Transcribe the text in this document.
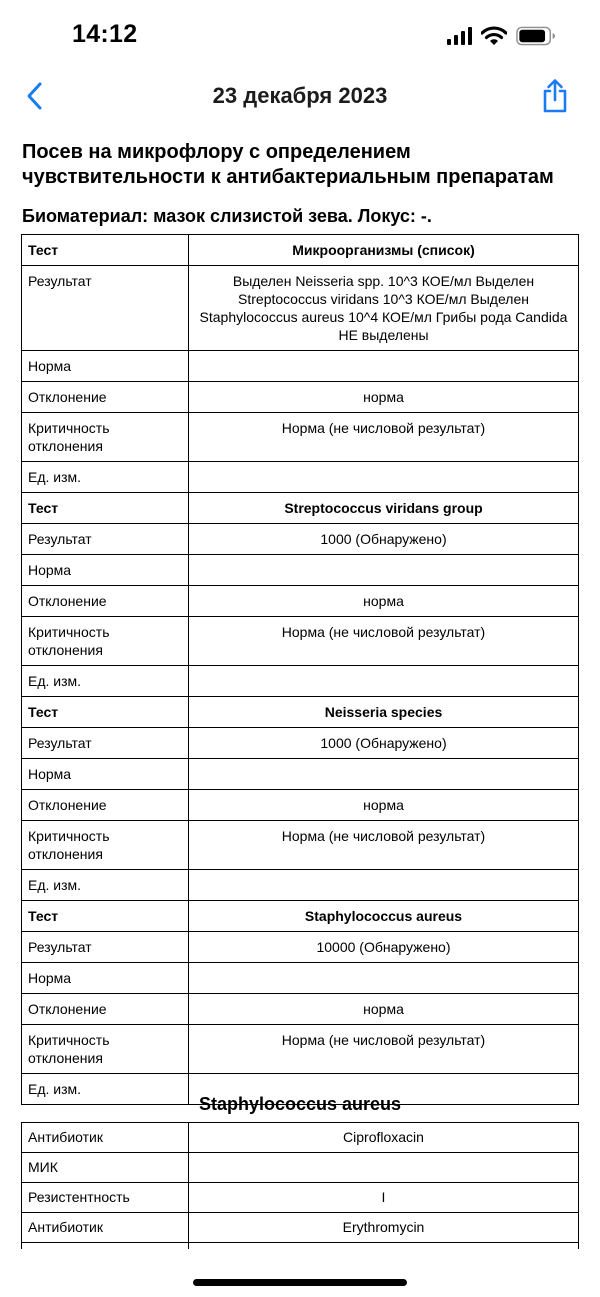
14:12
23 декабря 2023
Посев на микрофлору с определением чувствительности к антибактериальным препаратам
Биоматериал: мазок слизистой зева. Локус: -.
Тест	Микроорганизмы (список)
Результат	Выделен Neisseria spp. 10^3 КОЕ/мл Выделен Streptococcus viridans 10^3 КОЕ/мл Выделен Staphylococcus aureus 10^4 КОЕ/мл Грибы рода Candida НЕ выделены
Норма	
Отклонение	норма
Критичность отклонения	Норма (не числовой результат)
Ед. изм.	
Тест	Streptococcus viridans group
Результат	1000 (Обнаружено)
Норма	
Отклонение	норма
Критичность отклонения	Норма (не числовой результат)
Ед. изм.	
Тест	Neisseria species
Результат	1000 (Обнаружено)
Норма	
Отклонение	норма
Критичность отклонения	Норма (не числовой результат)
Ед. изм.	
Тест	Staphylococcus aureus
Результат	10000 (Обнаружено)
Норма	
Отклонение	норма
Критичность отклонения	Норма (не числовой результат)
Ед. изм.	
Staphylococcus aureus
Антибиотик	Ciprofloxacin
МИК	
Резистентность	I
Антибиотик	Erythromycin
